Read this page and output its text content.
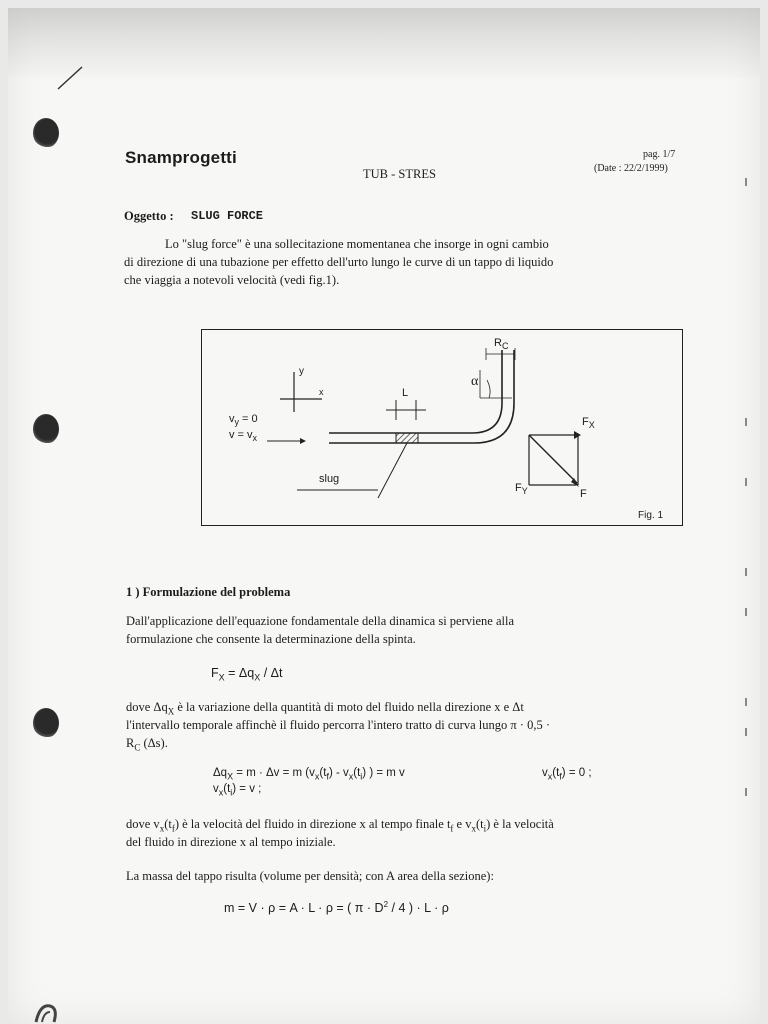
Snamprogetti
TUB - STRES
pag. 1/7
(Date : 22/2/1999)
Oggetto : SLUG FORCE
Lo "slug force" è una sollecitazione momentanea che insorge in ogni cambio
di direzione di una tubazione per effetto dell'urto lungo le curve di un tappo di liquido
che viaggia a notevoli velocità (vedi fig.1).
y
x
$v_y = 0$
$v = v_x$
L
slug
α
$R_C$
$F_X$
$F_Y$	F
Fig. 1
1 ) Formulazione del problema
Dall'applicazione dell'equazione fondamentale della dinamica si perviene alla
formulazione che consente la determinazione della spinta.
$F_X = \Delta q_X / \Delta t$
dove $\Delta q_X$ è la variazione della quantità di moto del fluido nella direzione x e Δt
l'intervallo temporale affinchè il fluido percorra l'intero tratto di curva lungo π · 0,5 ·
$R_C$ (Δs).
$\Delta q_X = m \cdot \Delta v = m$ ($v_x(t_f) - v_x(t_i)$ ) = m v	$v_x(t_f) = 0$ ;
$v_x(t_i) = v$ ;
dove $v_x(t_f)$ è la velocità del fluido in direzione x al tempo finale $t_f$ e $v_x(t_i)$ è la velocità
del fluido in direzione x al tempo iniziale.
La massa del tappo risulta (volume per densità; con A area della sezione):
m = V · ρ = A · L · ρ = ( $\pi \cdot D^2 / 4$ ) · L · ρ
